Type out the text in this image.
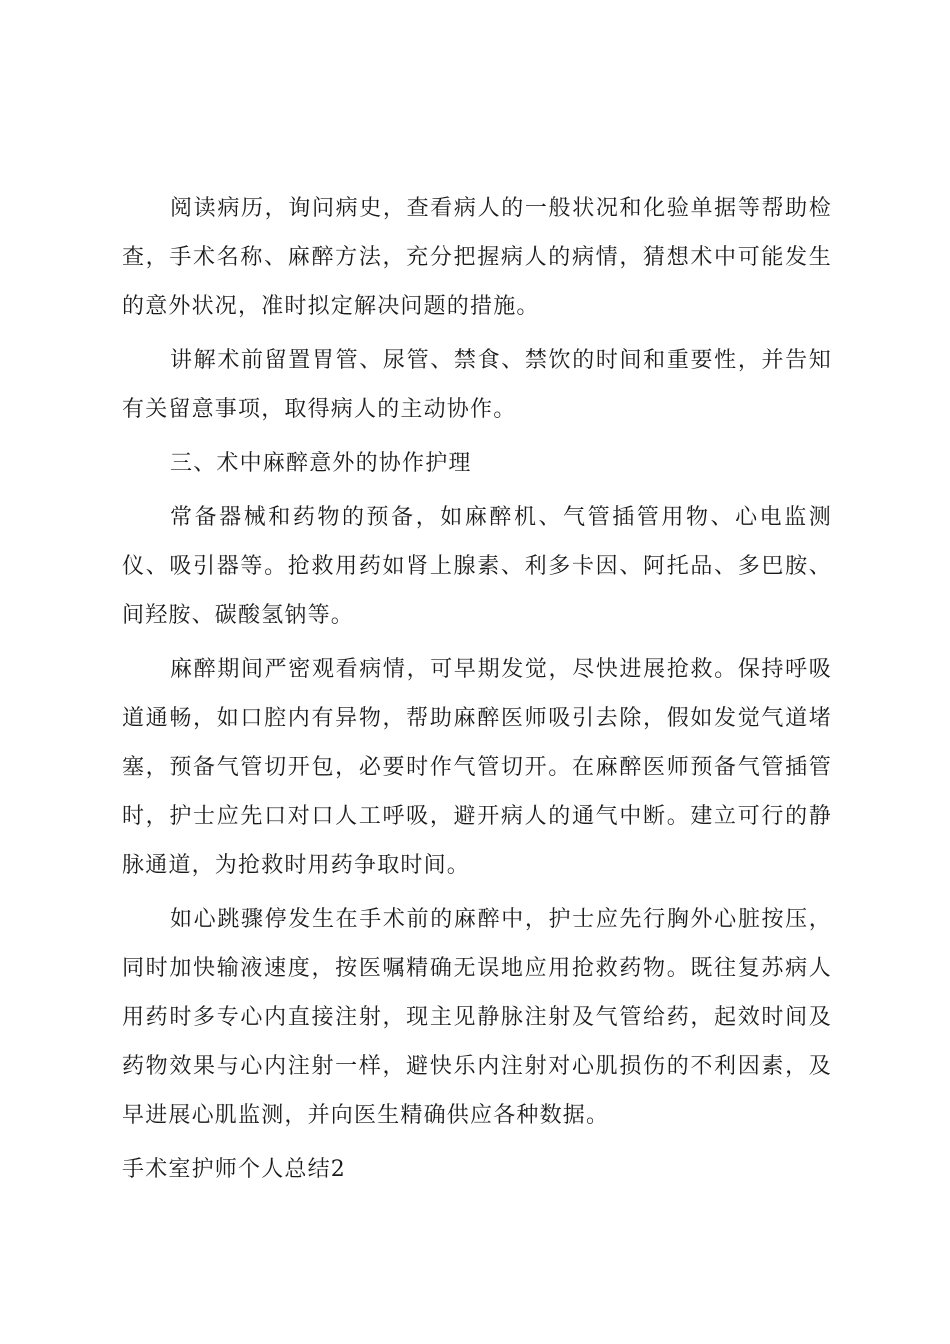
阅读病历，询问病史，查看病人的一般状况和化验单据等帮助检查，手术名称、麻醉方法，充分把握病人的病情，猜想术中可能发生的意外状况，准时拟定解决问题的措施。

讲解术前留置胃管、尿管、禁食、禁饮的时间和重要性，并告知有关留意事项，取得病人的主动协作。

三、术中麻醉意外的协作护理

常备器械和药物的预备，如麻醉机、气管插管用物、心电监测仪、吸引器等。抢救用药如肾上腺素、利多卡因、阿托品、多巴胺、间羟胺、碳酸氢钠等。

麻醉期间严密观看病情，可早期发觉，尽快进展抢救。保持呼吸道通畅，如口腔内有异物，帮助麻醉医师吸引去除，假如发觉气道堵塞，预备气管切开包，必要时作气管切开。在麻醉医师预备气管插管时，护士应先口对口人工呼吸，避开病人的通气中断。建立可行的静脉通道，为抢救时用药争取时间。

如心跳骤停发生在手术前的麻醉中，护士应先行胸外心脏按压，同时加快输液速度，按医嘱精确无误地应用抢救药物。既往复苏病人用药时多专心内直接注射，现主见静脉注射及气管给药，起效时间及药物效果与心内注射一样，避快乐内注射对心肌损伤的不利因素，及早进展心肌监测，并向医生精确供应各种数据。

手术室护师个人总结2
